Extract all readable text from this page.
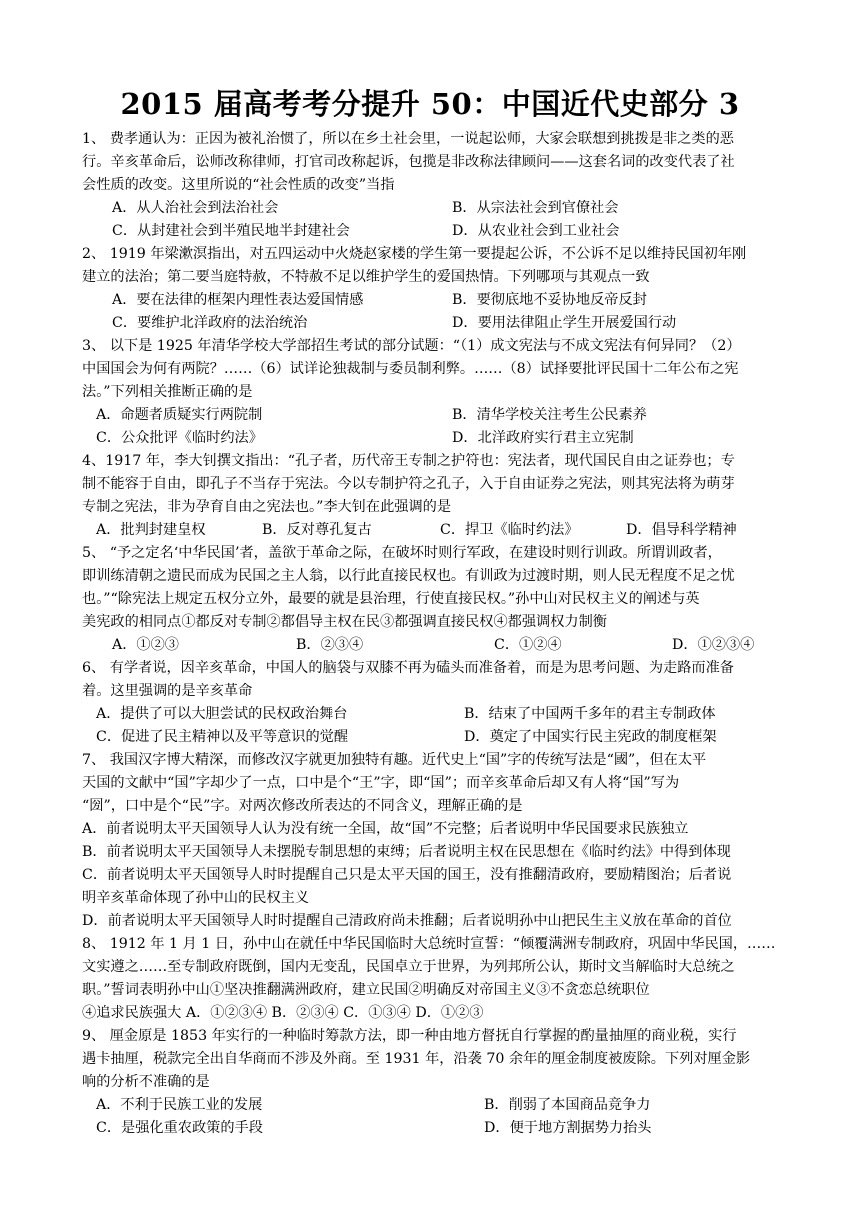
2015 届高考考分提升 50：中国近代史部分 3
1、 费孝通认为：正因为被礼治惯了，所以在乡土社会里，一说起讼师，大家会联想到挑拨是非之类的恶
行。辛亥革命后，讼师改称律师，打官司改称起诉，包揽是非改称法律顾问——这套名词的改变代表了社
会性质的改变。这里所说的“社会性质的改变”当指
A．从人治社会到法治社会	B．从宗法社会到官僚社会
C．从封建社会到半殖民地半封建社会	D．从农业社会到工业社会
2、 1919 年梁漱溟指出，对五四运动中火烧赵家楼的学生第一要提起公诉，不公诉不足以维持民国初年刚
建立的法治；第二要当庭特赦，不特赦不足以维护学生的爱国热情。下列哪项与其观点一致
A．要在法律的框架内理性表达爱国情感	B．要彻底地不妥协地反帝反封
C．要维护北洋政府的法治统治	D．要用法律阻止学生开展爱国行动
3、 以下是 1925 年清华学校大学部招生考试的部分试题：“（1）成文宪法与不成文宪法有何异同？（2）
中国国会为何有两院？……（6）试详论独裁制与委员制利弊。……（8）试择要批评民国十二年公布之宪
法。”下列相关推断正确的是
A．命题者质疑实行两院制	B．清华学校关注考生公民素养
C．公众批评《临时约法》	D．北洋政府实行君主立宪制
4、1917 年，李大钊撰文指出：“孔子者，历代帝王专制之护符也：宪法者，现代国民自由之证券也；专
制不能容于自由，即孔子不当存于宪法。今以专制护符之孔子，入于自由证券之宪法，则其宪法将为萌芽
专制之宪法，非为孕育自由之宪法也。”李大钊在此强调的是
A．批判封建皇权	B．反对尊孔复古	C．捍卫《临时约法》	D．倡导科学精神
5、 “予之定名‘中华民国’者，盖欲于革命之际，在破坏时则行军政，在建设时则行训政。所谓训政者，
即训练清朝之遗民而成为民国之主人翁，以行此直接民权也。有训政为过渡时期，则人民无程度不足之忧
也。”“除宪法上规定五权分立外，最要的就是县治理，行使直接民权。”孙中山对民权主义的阐述与英
美宪政的相同点①都反对专制②都倡导主权在民③都强调直接民权④都强调权力制衡
A．①②③	B．②③④	C．①②④	D．①②③④
6、 有学者说，因辛亥革命，中国人的脑袋与双膝不再为磕头而准备着，而是为思考问题、为走路而准备
着。这里强调的是辛亥革命
A．提供了可以大胆尝试的民权政治舞台	B．结束了中国两千多年的君主专制政体
C．促进了民主精神以及平等意识的觉醒	D．奠定了中国实行民主宪政的制度框架
7、 我国汉字博大精深，而修改汉字就更加独特有趣。近代史上“国”字的传统写法是“國”，但在太平
天国的文献中“国”字却少了一点，口中是个“王”字，即“国”；而辛亥革命后却又有人将“国”写为
“圀”，口中是个“民”字。对两次修改所表达的不同含义，理解正确的是
A．前者说明太平天国领导人认为没有统一全国，故“国”不完整；后者说明中华民国要求民族独立
B．前者说明太平天国领导人未摆脱专制思想的束缚；后者说明主权在民思想在《临时约法》中得到体现
C．前者说明太平天国领导人时时提醒自己只是太平天国的国王，没有推翻清政府，要励精图治；后者说
明辛亥革命体现了孙中山的民权主义
D．前者说明太平天国领导人时时提醒自己清政府尚未推翻；后者说明孙中山把民生主义放在革命的首位
8、 1912 年 1 月 1 日，孙中山在就任中华民国临时大总统时宣誓：“倾覆满洲专制政府，巩固中华民国，……
文实遵之……至专制政府既倒，国内无变乱，民国卓立于世界，为列邦所公认，斯时文当解临时大总统之
职。”誓词表明孙中山①坚决推翻满洲政府，建立民国②明确反对帝国主义③不贪恋总统职位
④追求民族强大 A．①②③④ B．②③④ C．①③④ D．①②③
9、 厘金原是 1853 年实行的一种临时筹款方法，即一种由地方督抚自行掌握的酌量抽厘的商业税，实行
遇卡抽厘，税款完全出自华商而不涉及外商。至 1931 年，沿袭 70 余年的厘金制度被废除。下列对厘金影
响的分析不准确的是
A．不利于民族工业的发展	B．削弱了本国商品竞争力
C．是强化重农政策的手段	D．便于地方割据势力抬头
